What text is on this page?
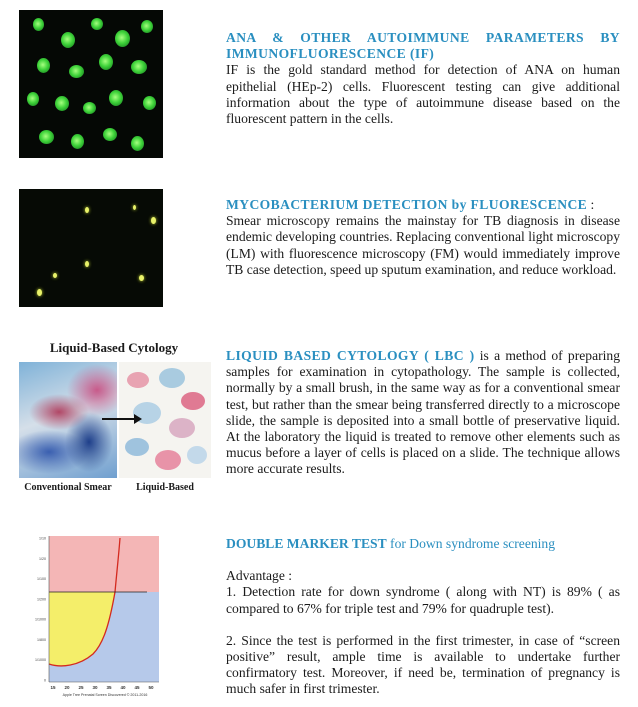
ANA & OTHER AUTOIMMUNE PARAMETERS BY IMMUNOFLUORESCENCE (IF)

IF is the gold standard method for detection of ANA on human epithelial (HEp-2) cells. Fluorescent testing can give additional information about the type of autoimmune disease based on the fluorescent pattern in the cells.

MYCOBACTERIUM DETECTION by FLUORESCENCE :

Smear microscopy remains the mainstay for TB diagnosis in disease endemic developing countries. Replacing conventional light microscopy (LM) with fluorescence microscopy (FM) would immediately improve TB case detection, speed up sputum examination, and reduce workload.

Liquid-Based Cytology
Conventional Smear	Liquid-Based

LIQUID BASED CYTOLOGY ( LBC ) is a method of preparing samples for examination in cytopathology. The sample is collected, normally by a small brush, in the same way as for a conventional smear test, but rather than the smear being transferred directly to a microscope slide, the sample is deposited into a small bottle of preservative liquid. At the laboratory the liquid is treated to remove other elements such as mucus before a layer of cells is placed on a slide. The technique allows more accurate results.

0
1/1000
1/800
1/1000
1/200
1/100
1/20
1/10
15 20 25 30 35 40 45 50
Apple Tree Prenatal Screen Discovered © 2011-2016

DOUBLE MARKER TEST for Down syndrome screening

Advantage :

1. Detection rate for down syndrome ( along with NT) is 89% ( as compared to 67% for triple test and 79% for quadruple test).

2. Since the test is performed in the first trimester, in case of “screen positive” result, ample time is available to undertake further confirmatory test. Moreover, if need be, termination of pregnancy is much safer in first trimester.
